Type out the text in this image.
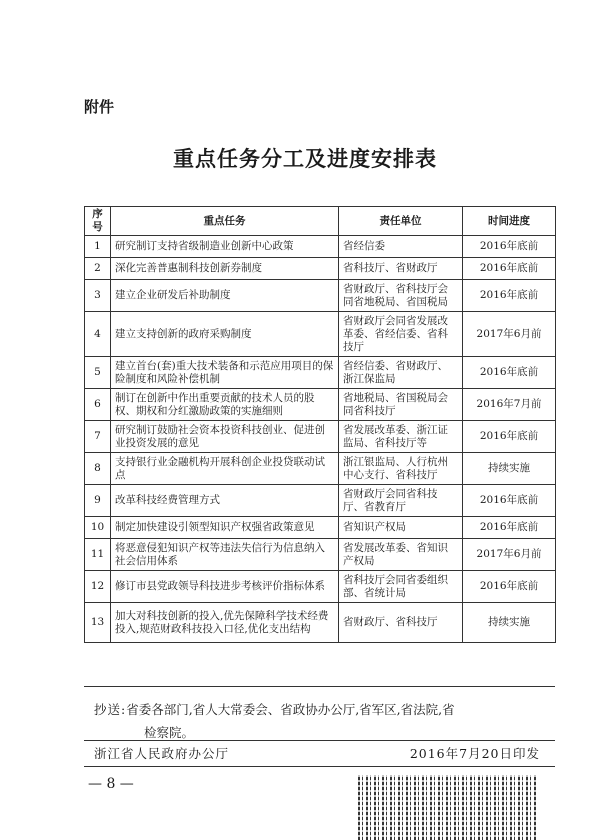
附件
重点任务分工及进度安排表
序号	重点任务	责任单位	时间进度
1	研究制订支持省级制造业创新中心政策	省经信委	2016年底前
2	深化完善普惠制科技创新券制度	省科技厅、省财政厅	2016年底前
3	建立企业研发后补助制度	省财政厅、省科技厅会同省地税局、省国税局	2016年底前
4	建立支持创新的政府采购制度	省财政厅会同省发展改革委、省经信委、省科技厅	2017年6月前
5	建立首台(套)重大技术装备和示范应用项目的保险制度和风险补偿机制	省经信委、省财政厅、浙江保监局	2016年底前
6	制订在创新中作出重要贡献的技术人员的股权、期权和分红激励政策的实施细则	省地税局、省国税局会同省科技厅	2016年7月前
7	研究制订鼓励社会资本投资科技创业、促进创业投资发展的意见	省发展改革委、浙江证监局、省科技厅等	2016年底前
8	支持银行业金融机构开展科创企业投贷联动试点	浙江银监局、人行杭州中心支行、省科技厅	持续实施
9	改革科技经费管理方式	省财政厅会同省科技厅、省教育厅	2016年底前
10	制定加快建设引领型知识产权强省政策意见	省知识产权局	2016年底前
11	将恶意侵犯知识产权等违法失信行为信息纳入社会信用体系	省发展改革委、省知识产权局	2017年6月前
12	修订市县党政领导科技进步考核评价指标体系	省科技厅会同省委组织部、省统计局	2016年底前
13	加大对科技创新的投入,优先保障科学技术经费投入,规范财政科技投入口径,优化支出结构	省财政厅、省科技厅	持续实施
抄送:省委各部门,省人大常委会、省政协办公厅,省军区,省法院,省
检察院。
浙江省人民政府办公厅	2016年7月20日印发
— 8 —
